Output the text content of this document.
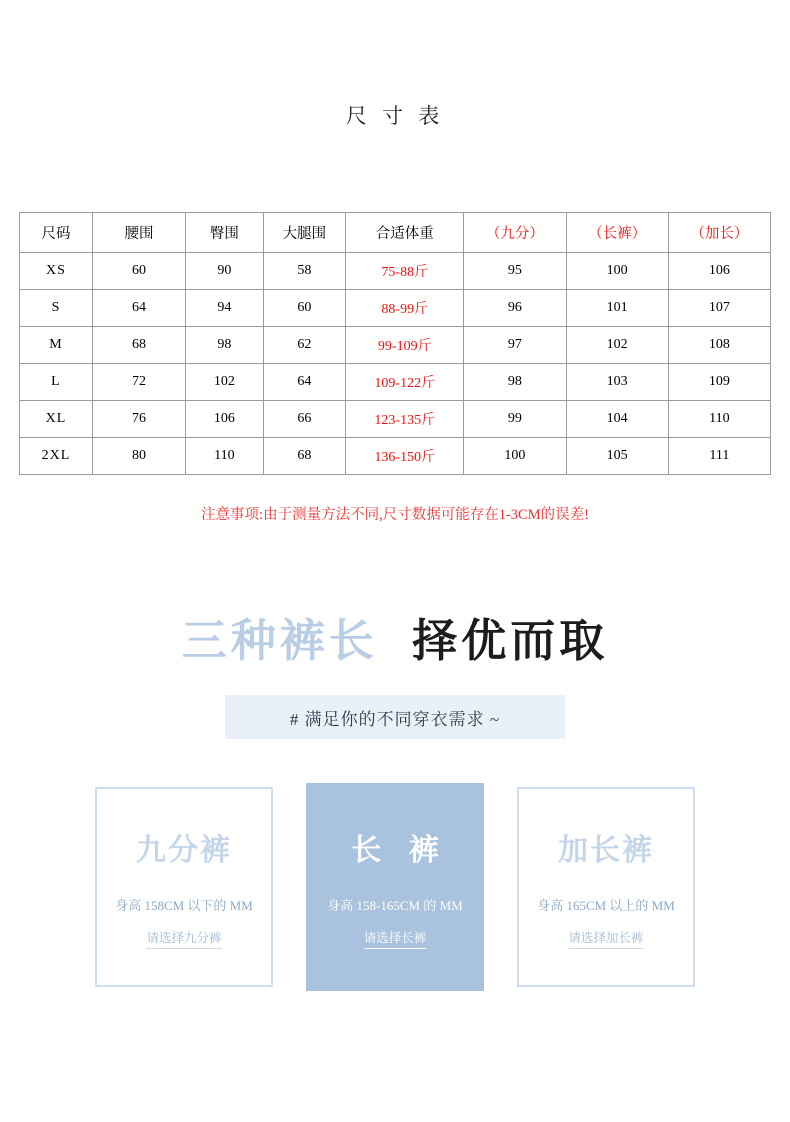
尺 寸 表
尺码	腰围	臀围	大腿围	合适体重	（九分）	（长裤）	（加长）
XS	60	90	58	75-88斤	95	100	106
S	64	94	60	88-99斤	96	101	107
M	68	98	62	99-109斤	97	102	108
L	72	102	64	109-122斤	98	103	109
XL	76	106	66	123-135斤	99	104	110
2XL	80	110	68	136-150斤	100	105	111
注意事项:由于测量方法不同,尺寸数据可能存在1-3CM的误差!
三种裤长 择优而取
# 满足你的不同穿衣需求 ~
九分裤
身高 158CM 以下的 MM
请选择九分裤
长 裤
身高 158-165CM 的 MM
请选择长裤
加长裤
身高 165CM 以上的 MM
请选择加长裤
